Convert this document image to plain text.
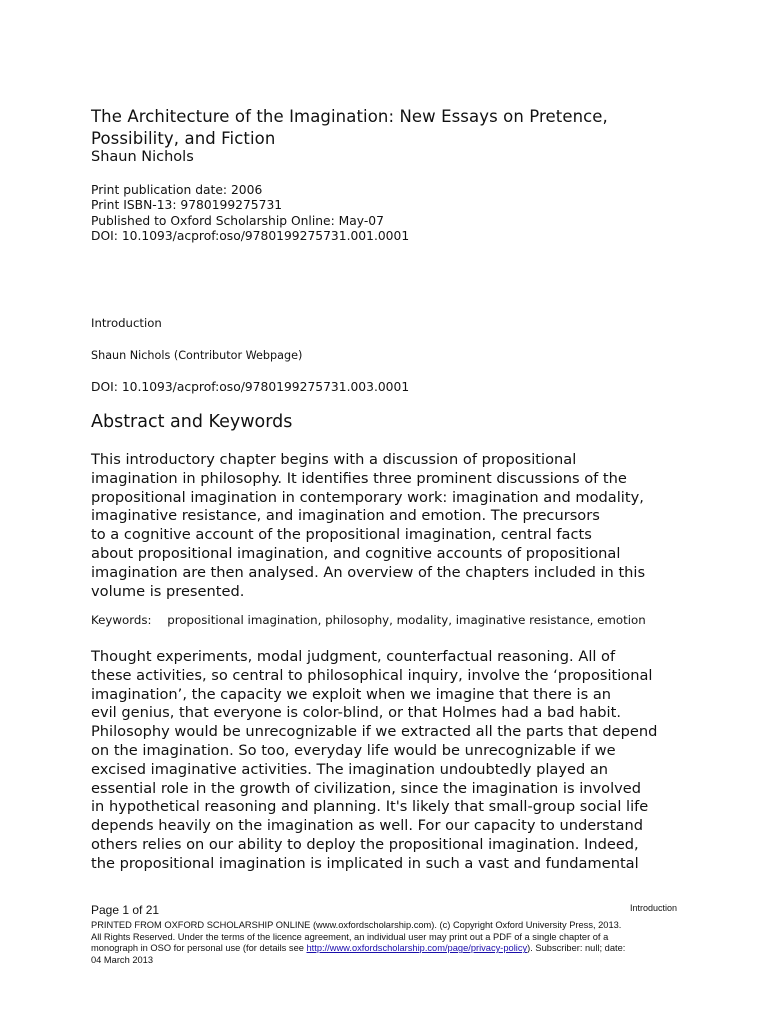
The Architecture of the Imagination: New Essays on Pretence,
Possibility, and Fiction
Shaun Nichols
Print publication date: 2006
Print ISBN-13: 9780199275731
Published to Oxford Scholarship Online: May-07
DOI: 10.1093/acprof:oso/9780199275731.001.0001
Introduction
Shaun Nichols (Contributor Webpage)
DOI: 10.1093/acprof:oso/9780199275731.003.0001
Abstract and Keywords

This introductory chapter begins with a discussion of propositional
imagination in philosophy. It identifies three prominent discussions of the
propositional imagination in contemporary work: imagination and modality,
imaginative resistance, and imagination and emotion. The precursors
to a cognitive account of the propositional imagination, central facts
about propositional imagination, and cognitive accounts of propositional
imagination are then analysed. An overview of the chapters included in this
volume is presented.

Keywords: propositional imagination, philosophy, modality, imaginative resistance, emotion

Thought experiments, modal judgment, counterfactual reasoning. All of
these activities, so central to philosophical inquiry, involve the ‘propositional
imagination’, the capacity we exploit when we imagine that there is an
evil genius, that everyone is color-blind, or that Holmes had a bad habit.
Philosophy would be unrecognizable if we extracted all the parts that depend
on the imagination. So too, everyday life would be unrecognizable if we
excised imaginative activities. The imagination undoubtedly played an
essential role in the growth of civilization, since the imagination is involved
in hypothetical reasoning and planning. It's likely that small-group social life
depends heavily on the imagination as well. For our capacity to understand
others relies on our ability to deploy the propositional imagination. Indeed,
the propositional imagination is implicated in such a vast and fundamental

Page 1 of 21	Introduction
PRINTED FROM OXFORD SCHOLARSHIP ONLINE (www.oxfordscholarship.com). (c) Copyright Oxford University Press, 2013.
All Rights Reserved. Under the terms of the licence agreement, an individual user may print out a PDF of a single chapter of a
monograph in OSO for personal use (for details see http://www.oxfordscholarship.com/page/privacy-policy). Subscriber: null; date:
04 March 2013
